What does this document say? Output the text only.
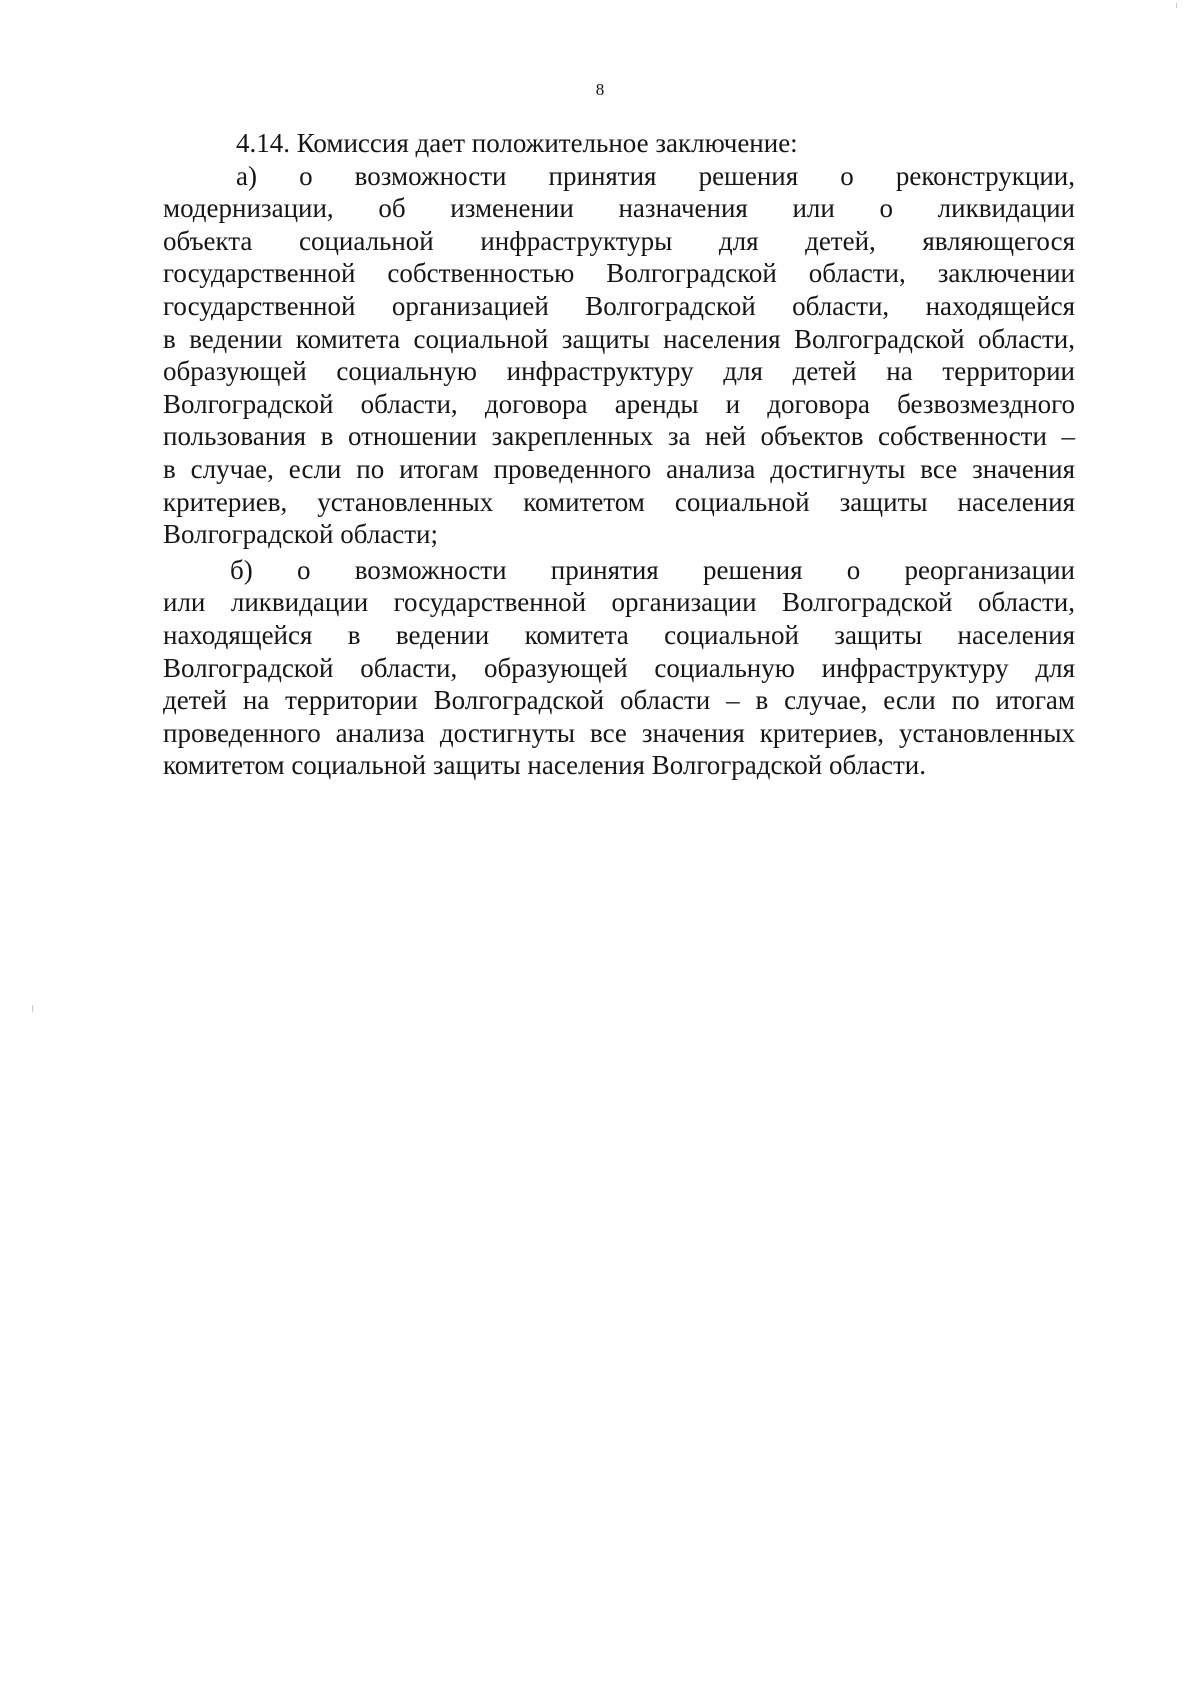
8
4.14. Комиссия дает положительное заключение:
а) о возможности принятия решения о реконструкции,
модернизации, об изменении назначения или о ликвидации
объекта социальной инфраструктуры для детей, являющегося
государственной собственностью Волгоградской области, заключении
государственной организацией Волгоградской области, находящейся
в ведении комитета социальной защиты населения Волгоградской области,
образующей социальную инфраструктуру для детей на территории
Волгоградской области, договора аренды и договора безвозмездного
пользования в отношении закрепленных за ней объектов собственности –
в случае, если по итогам проведенного анализа достигнуты все значения
критериев, установленных комитетом социальной защиты населения
Волгоградской области;
б) о возможности принятия решения о реорганизации
или ликвидации государственной организации Волгоградской области,
находящейся в ведении комитета социальной защиты населения
Волгоградской области, образующей социальную инфраструктуру для
детей на территории Волгоградской области – в случае, если по итогам
проведенного анализа достигнуты все значения критериев, установленных
комитетом социальной защиты населения Волгоградской области.
